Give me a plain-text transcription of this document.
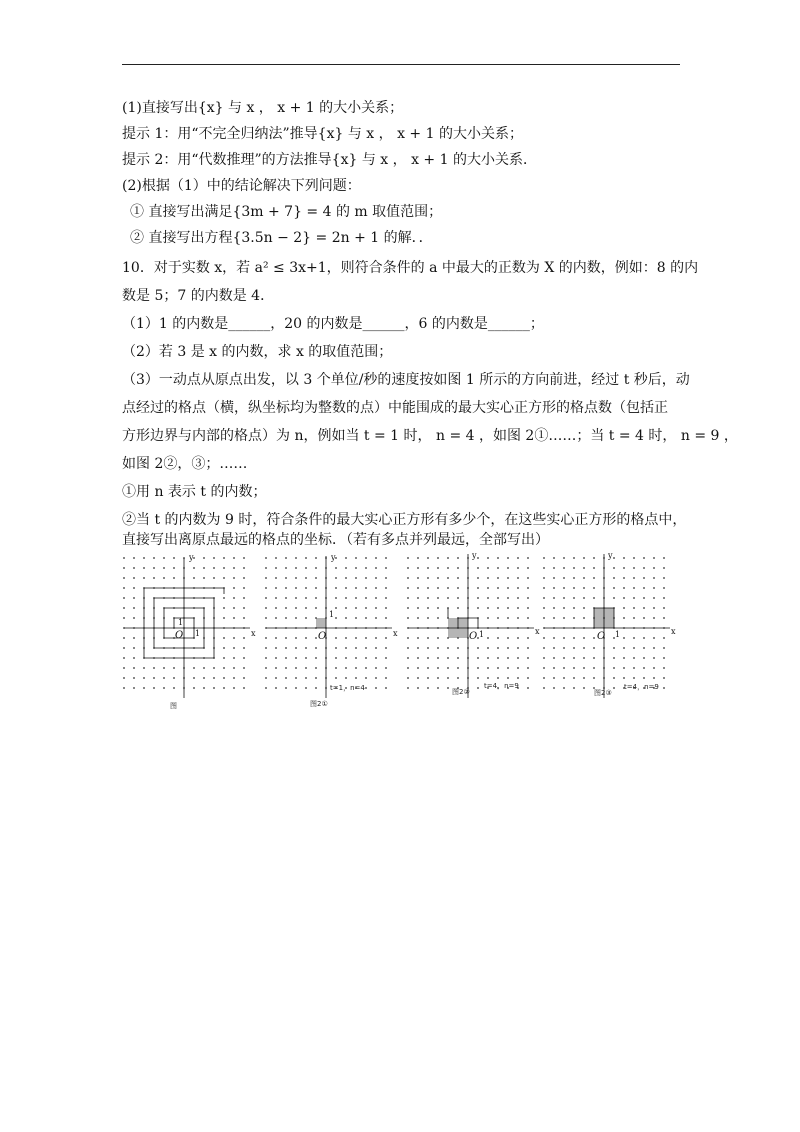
(1)直接写出{x} 与 x ， x + 1 的大小关系；
提示 1：用“不完全归纳法”推导{x} 与 x ， x + 1 的大小关系；
提示 2：用“代数推理”的方法推导{x} 与 x ， x + 1 的大小关系．
(2)根据（1）中的结论解决下列问题：
① 直接写出满足{3m + 7} = 4 的 m 取值范围；
② 直接写出方程{3.5n − 2} = 2n + 1 的解．．
10．对于实数 x，若 a² ≤ 3x+1，则符合条件的 a 中最大的正数为 X 的内数，例如：8 的内
数是 5；7 的内数是 4．
（1）1 的内数是______，20 的内数是______，6 的内数是______；
（2）若 3 是 x 的内数，求 x 的取值范围；
（3）一动点从原点出发，以 3 个单位/秒的速度按如图 1 所示的方向前进，经过 t 秒后，动
点经过的格点（横，纵坐标均为整数的点）中能围成的最大实心正方形的格点数（包括正
方形边界与内部的格点）为 n，例如当 t = 1 时， n = 4 ，如图 2①……；当 t = 4 时， n = 9 ，
如图 2②，③；……
①用 n 表示 t 的内数；
②当 t 的内数为 9 时，符合条件的最大实心正方形有多少个，在这些实心正方形的格点中，
直接写出离原点最远的格点的坐标．（若有多点并列最远，全部写出）
x
y
O 1
1
图
x
y
O
1
t=1，n=4
图2①
x
y
O 1
t=4，n=9
图2②
x
y
O 1
t=4，n=9
图2③
